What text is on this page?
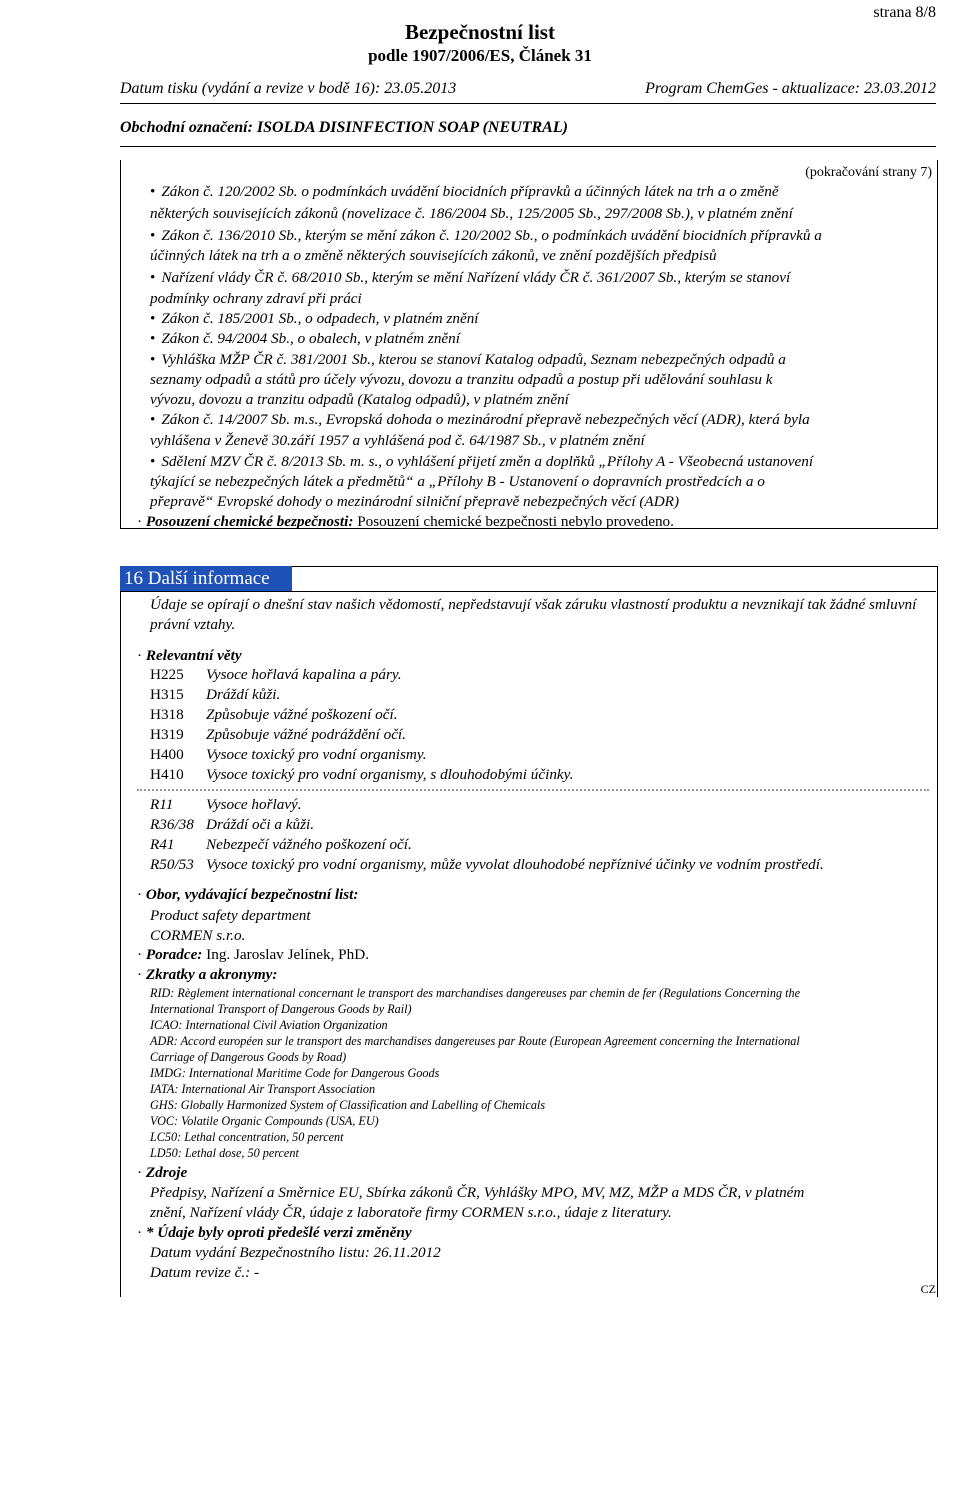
strana 8/8
Bezpečnostní list
podle 1907/2006/ES, Článek 31
Datum tisku (vydání a revize v bodě 16): 23.05.2013	Program ChemGes - aktualizace: 23.03.2012
Obchodní označení: ISOLDA DISINFECTION SOAP (NEUTRAL)
(pokračování strany 7)
• Zákon č. 120/2002 Sb. o podmínkách uvádění biocidních přípravků a účinných látek na trh a o změně
některých souvisejících zákonů (novelizace č. 186/2004 Sb., 125/2005 Sb., 297/2008 Sb.), v platném znění
• Zákon č. 136/2010 Sb., kterým se mění zákon č. 120/2002 Sb., o podmínkách uvádění biocidních přípravků a
účinných látek na trh a o změně některých souvisejících zákonů, ve znění pozdějších předpisů
• Nařízení vlády ČR č. 68/2010 Sb., kterým se mění Nařízení vlády ČR č. 361/2007 Sb., kterým se stanoví
podmínky ochrany zdraví při práci
• Zákon č. 185/2001 Sb., o odpadech, v platném znění
• Zákon č. 94/2004 Sb., o obalech, v platném znění
• Vyhláška MŽP ČR č. 381/2001 Sb., kterou se stanoví Katalog odpadů, Seznam nebezpečných odpadů a
seznamy odpadů a států pro účely vývozu, dovozu a tranzitu odpadů a postup při udělování souhlasu k
vývozu, dovozu a tranzitu odpadů (Katalog odpadů), v platném znění
• Zákon č. 14/2007 Sb. m.s., Evropská dohoda o mezinárodní přepravě nebezpečných věcí (ADR), která byla
vyhlášena v Ženevě 30.září 1957 a vyhlášená pod č. 64/1987 Sb., v platném znění
• Sdělení MZV ČR č. 8/2013 Sb. m. s., o vyhlášení přijetí změn a doplňků „Přílohy A - Všeobecná ustanovení
týkající se nebezpečných látek a předmětů“ a „Přílohy B - Ustanovení o dopravních prostředcích a o
přepravě“ Evropské dohody o mezinárodní silniční přepravě nebezpečných věcí (ADR)
· Posouzení chemické bezpečnosti: Posouzení chemické bezpečnosti nebylo provedeno.
16 Další informace
Údaje se opírají o dnešní stav našich vědomostí, nepředstavují však záruku vlastností produktu a nevznikají tak žádné smluvní právní vztahy.
· Relevantní věty
H225 Vysoce hořlavá kapalina a páry.
H315 Dráždí kůži.
H318 Způsobuje vážné poškození očí.
H319 Způsobuje vážné podráždění očí.
H400 Vysoce toxický pro vodní organismy.
H410 Vysoce toxický pro vodní organismy, s dlouhodobými účinky.
R11 Vysoce hořlavý.
R36/38 Dráždí oči a kůži.
R41 Nebezpečí vážného poškození očí.
R50/53 Vysoce toxický pro vodní organismy, může vyvolat dlouhodobé nepříznivé účinky ve vodním prostředí.
· Obor, vydávající bezpečnostní list:
Product safety department
CORMEN s.r.o.
· Poradce: Ing. Jaroslav Jelínek, PhD.
· Zkratky a akronymy:
RID: Règlement international concernant le transport des marchandises dangereuses par chemin de fer (Regulations Concerning the
International Transport of Dangerous Goods by Rail)
ICAO: International Civil Aviation Organization
ADR: Accord européen sur le transport des marchandises dangereuses par Route (European Agreement concerning the International
Carriage of Dangerous Goods by Road)
IMDG: International Maritime Code for Dangerous Goods
IATA: International Air Transport Association
GHS: Globally Harmonized System of Classification and Labelling of Chemicals
VOC: Volatile Organic Compounds (USA, EU)
LC50: Lethal concentration, 50 percent
LD50: Lethal dose, 50 percent
· Zdroje
Předpisy, Nařízení a Směrnice EU, Sbírka zákonů ČR, Vyhlášky MPO, MV, MZ, MŽP a MDS ČR, v platném
znění, Nařízení vlády ČR, údaje z laboratoře firmy CORMEN s.r.o., údaje z literatury.
· * Údaje byly oproti předešlé verzi změněny
Datum vydání Bezpečnostního listu: 26.11.2012
Datum revize č.: -
CZ
